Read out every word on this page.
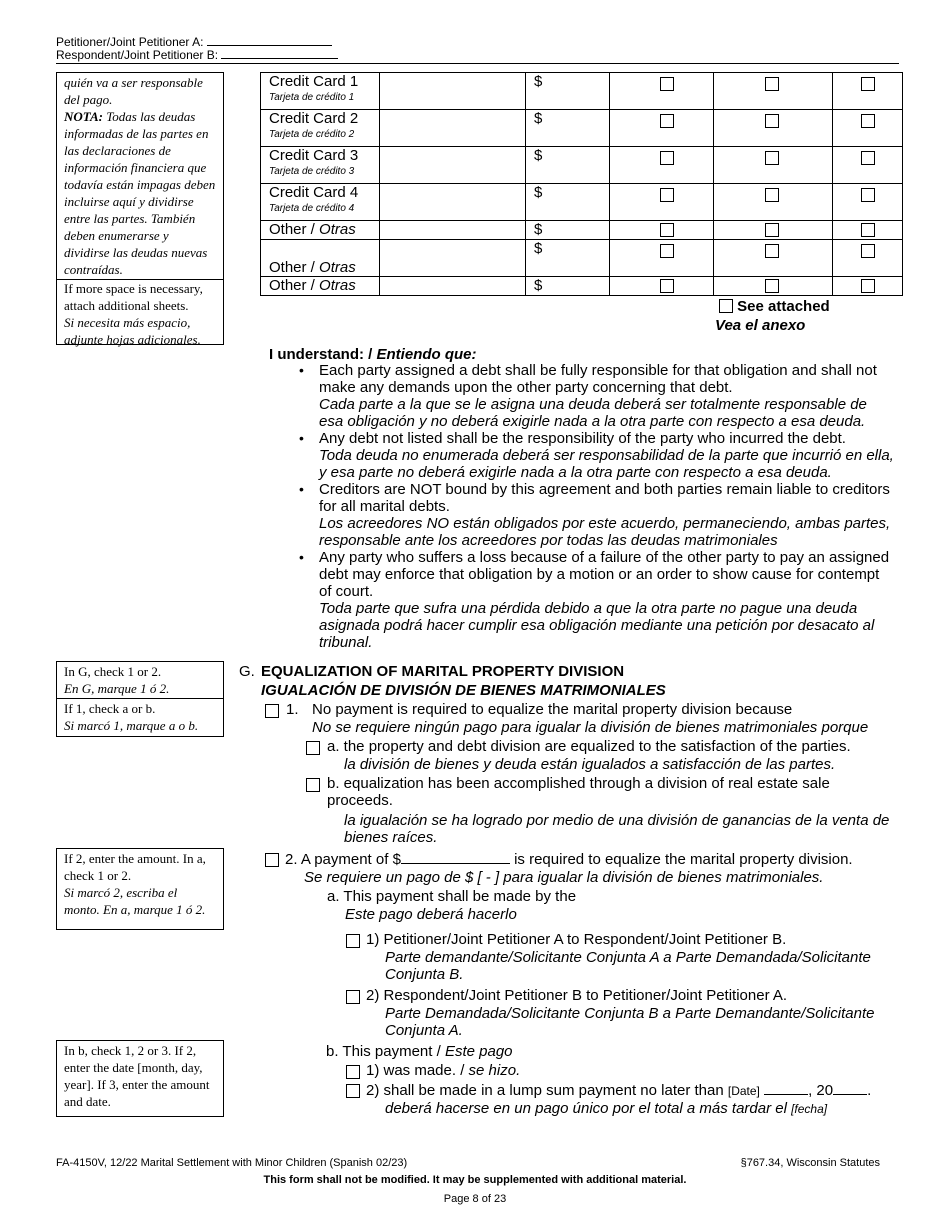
Petitioner/Joint Petitioner A:
Respondent/Joint Petitioner B:
quién va a ser responsable del pago.
NOTA: Todas las deudas informadas de las partes en las declaraciones de información financiera que todavía están impagas deben incluirse aquí y dividirse entre las partes. También deben enumerarse y dividirse las deudas nuevas contraídas.
If more space is necessary, attach additional sheets.
Si necesita más espacio, adjunte hojas adicionales.
Credit Card 1
Tarjeta de crédito 1		$			
Credit Card 2
Tarjeta de crédito 2		$			
Credit Card 3
Tarjeta de crédito 3		$			
Credit Card 4
Tarjeta de crédito 4		$			
Other / Otras		$			
Other / Otras		$			
Other / Otras		$			
See attached
Vea el anexo
I understand: / Entiendo que:
• Each party assigned a debt shall be fully responsible for that obligation and shall not make any demands upon the other party concerning that debt.
Cada parte a la que se le asigna una deuda deberá ser totalmente responsable de esa obligación y no deberá exigirle nada a la otra parte con respecto a esa deuda.
• Any debt not listed shall be the responsibility of the party who incurred the debt.
Toda deuda no enumerada deberá ser responsabilidad de la parte que incurrió en ella, y esa parte no deberá exigirle nada a la otra parte con respecto a esa deuda.
• Creditors are NOT bound by this agreement and both parties remain liable to creditors for all marital debts.
Los acreedores NO están obligados por este acuerdo, permaneciendo, ambas partes, responsable ante los acreedores por todas las deudas matrimoniales
• Any party who suffers a loss because of a failure of the other party to pay an assigned debt may enforce that obligation by a motion or an order to show cause for contempt of court.
Toda parte que sufra una pérdida debido a que la otra parte no pague una deuda asignada podrá hacer cumplir esa obligación mediante una petición por desacato al tribunal.
In G, check 1 or 2.
En G, marque 1 ó 2.
If 1, check a or b.
Si marcó 1, marque a o b.
G. EQUALIZATION OF MARITAL PROPERTY DIVISION
IGUALACIÓN DE DIVISIÓN DE BIENES MATRIMONIALES
1. No payment is required to equalize the marital property division because
No se requiere ningún pago para igualar la división de bienes matrimoniales porque
a. the property and debt division are equalized to the satisfaction of the parties.
la división de bienes y deuda están igualados a satisfacción de las partes.
b. equalization has been accomplished through a division of real estate sale proceeds.
la igualación se ha logrado por medio de una división de ganancias de la venta de bienes raíces.
If 2, enter the amount. In a, check 1 or 2.
Si marcó 2, escriba el monto. En a, marque 1 ó 2.
2. A payment of $	is required to equalize the marital property division.
Se requiere un pago de $ [ - ] para igualar la división de bienes matrimoniales.
a. This payment shall be made by the
Este pago deberá hacerlo
1) Petitioner/Joint Petitioner A to Respondent/Joint Petitioner B.
Parte demandante/Solicitante Conjunta A a Parte Demandada/Solicitante Conjunta B.
2) Respondent/Joint Petitioner B to Petitioner/Joint Petitioner A.
Parte Demandada/Solicitante Conjunta B a Parte Demandante/Solicitante Conjunta A.
In b, check 1, 2 or 3. If 2, enter the date [month, day, year]. If 3, enter the amount and date.
b. This payment / Este pago
1) was made. / se hizo.
2) shall be made in a lump sum payment no later than [Date]	, 20 .
deberá hacerse en un pago único por el total a más tardar el [fecha]
FA-4150V, 12/22 Marital Settlement with Minor Children (Spanish 02/23)	§767.34, Wisconsin Statutes
This form shall not be modified. It may be supplemented with additional material.
Page 8 of 23
